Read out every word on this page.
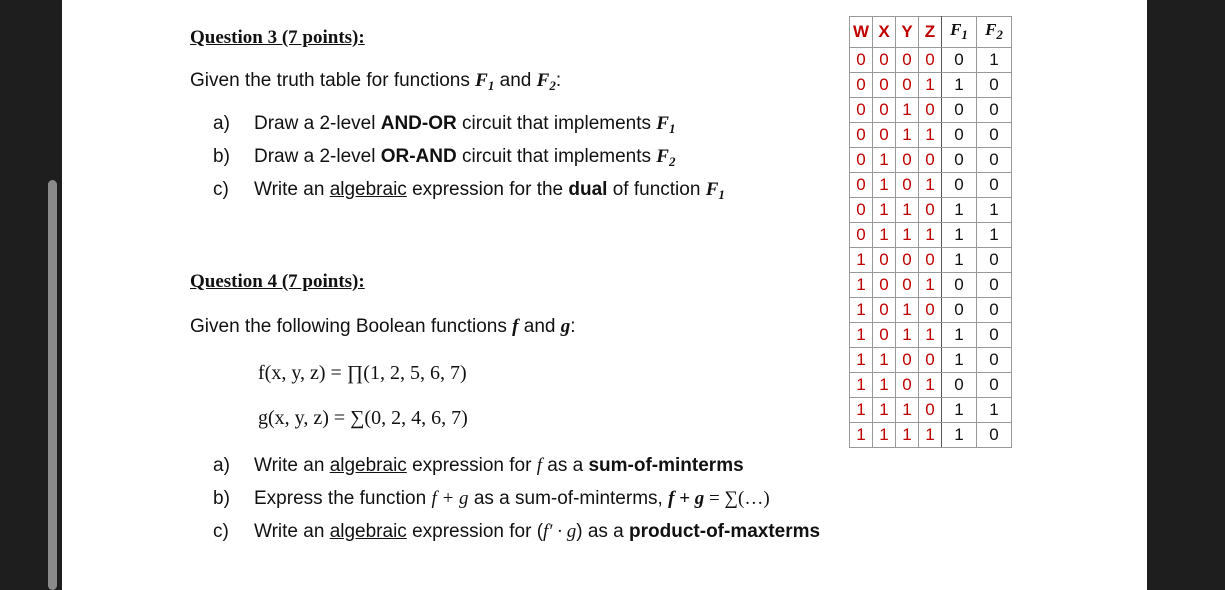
Question 3 (7 points):
Given the truth table for functions $F_1$ and $F_2$:
a) Draw a 2-level AND-OR circuit that implements $F_1$
b) Draw a 2-level OR-AND circuit that implements $F_2$
c) Write an algebraic expression for the dual of function $F_1$
Question 4 (7 points):
Given the following Boolean functions f and g:
f(x, y, z) = ∏(1, 2, 5, 6, 7)
g(x, y, z) = ∑(0, 2, 4, 6, 7)
a) Write an algebraic expression for f as a sum-of-minterms
b) Express the function f + g as a sum-of-minterms, f + g = ∑(…)
c) Write an algebraic expression for (f′ · g) as a product-of-maxterms
W	X	Y	Z	$F_1$	$F_2$
0	0	0	0	0	1
0	0	0	1	1	0
0	0	1	0	0	0
0	0	1	1	0	0
0	1	0	0	0	0
0	1	0	1	0	0
0	1	1	0	1	1
0	1	1	1	1	1
1	0	0	0	1	0
1	0	0	1	0	0
1	0	1	0	0	0
1	0	1	1	1	0
1	1	0	0	1	0
1	1	0	1	0	0
1	1	1	0	1	1
1	1	1	1	1	0
